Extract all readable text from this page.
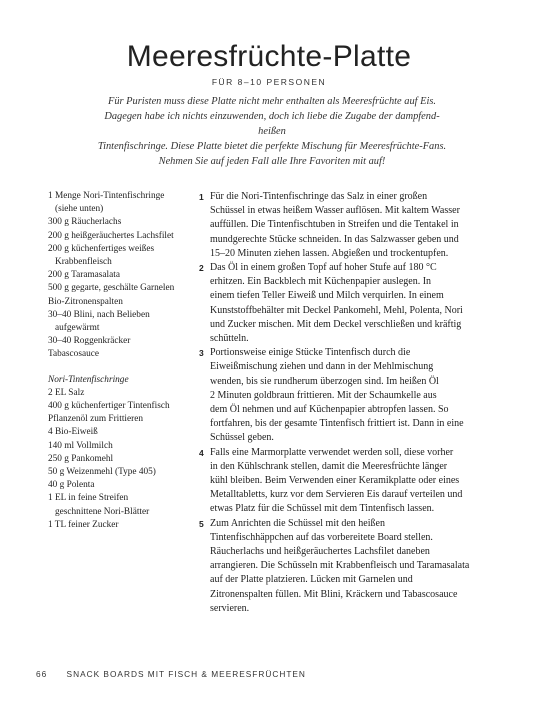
Meeresfrüchte-Platte
FÜR 8–10 PERSONEN
Für Puristen muss diese Platte nicht mehr enthalten als Meeresfrüchte auf Eis.
Dagegen habe ich nichts einzuwenden, doch ich liebe die Zugabe der dampfend-heißen
Tintenfischringe. Diese Platte bietet die perfekte Mischung für Meeresfrüchte-Fans.
Nehmen Sie auf jeden Fall alle Ihre Favoriten mit auf!
1 Menge Nori-Tintenfischringe
(siehe unten)
300 g Räucherlachs
200 g heißgeräuchertes Lachsfilet
200 g küchenfertiges weißes
Krabbenfleisch
200 g Taramasalata
500 g gegarte, geschälte Garnelen
Bio-Zitronenspalten
30–40 Blini, nach Belieben
aufgewärmt
30–40 Roggenkräcker
Tabascosauce
Nori-Tintenfischringe
2 EL Salz
400 g küchenfertiger Tintenfisch
Pflanzenöl zum Frittieren
4 Bio-Eiweiß
140 ml Vollmilch
250 g Pankomehl
50 g Weizenmehl (Type 405)
40 g Polenta
1 EL in feine Streifen
geschnittene Nori-Blätter
1 TL feiner Zucker
1 Für die Nori-Tintenfischringe das Salz in einer großen
Schüssel in etwas heißem Wasser auflösen. Mit kaltem Wasser
auffüllen. Die Tintenfischtuben in Streifen und die Tentakel in
mundgerechte Stücke schneiden. In das Salzwasser geben und
15–20 Minuten ziehen lassen. Abgießen und trockentupfen.
2 Das Öl in einem großen Topf auf hoher Stufe auf 180 °C
erhitzen. Ein Backblech mit Küchenpapier auslegen. In
einem tiefen Teller Eiweiß und Milch verquirlen. In einem
Kunststoffbehälter mit Deckel Pankomehl, Mehl, Polenta, Nori
und Zucker mischen. Mit dem Deckel verschließen und kräftig
schütteln.
3 Portionsweise einige Stücke Tintenfisch durch die
Eiweißmischung ziehen und dann in der Mehlmischung
wenden, bis sie rundherum überzogen sind. Im heißen Öl
2 Minuten goldbraun frittieren. Mit der Schaumkelle aus
dem Öl nehmen und auf Küchenpapier abtropfen lassen. So
fortfahren, bis der gesamte Tintenfisch frittiert ist. Dann in eine
Schüssel geben.
4 Falls eine Marmorplatte verwendet werden soll, diese vorher
in den Kühlschrank stellen, damit die Meeresfrüchte länger
kühl bleiben. Beim Verwenden einer Keramikplatte oder eines
Metalltabletts, kurz vor dem Servieren Eis darauf verteilen und
etwas Platz für die Schüssel mit dem Tintenfisch lassen.
5 Zum Anrichten die Schüssel mit den heißen
Tintenfischhäppchen auf das vorbereitete Board stellen.
Räucherlachs und heißgeräuchertes Lachsfilet daneben
arrangieren. Die Schüsseln mit Krabbenfleisch und Taramasalata
auf der Platte platzieren. Lücken mit Garnelen und
Zitronenspalten füllen. Mit Blini, Kräckern und Tabascosauce
servieren.
66 SNACK BOARDS MIT FISCH & MEERESFRÜCHTEN
